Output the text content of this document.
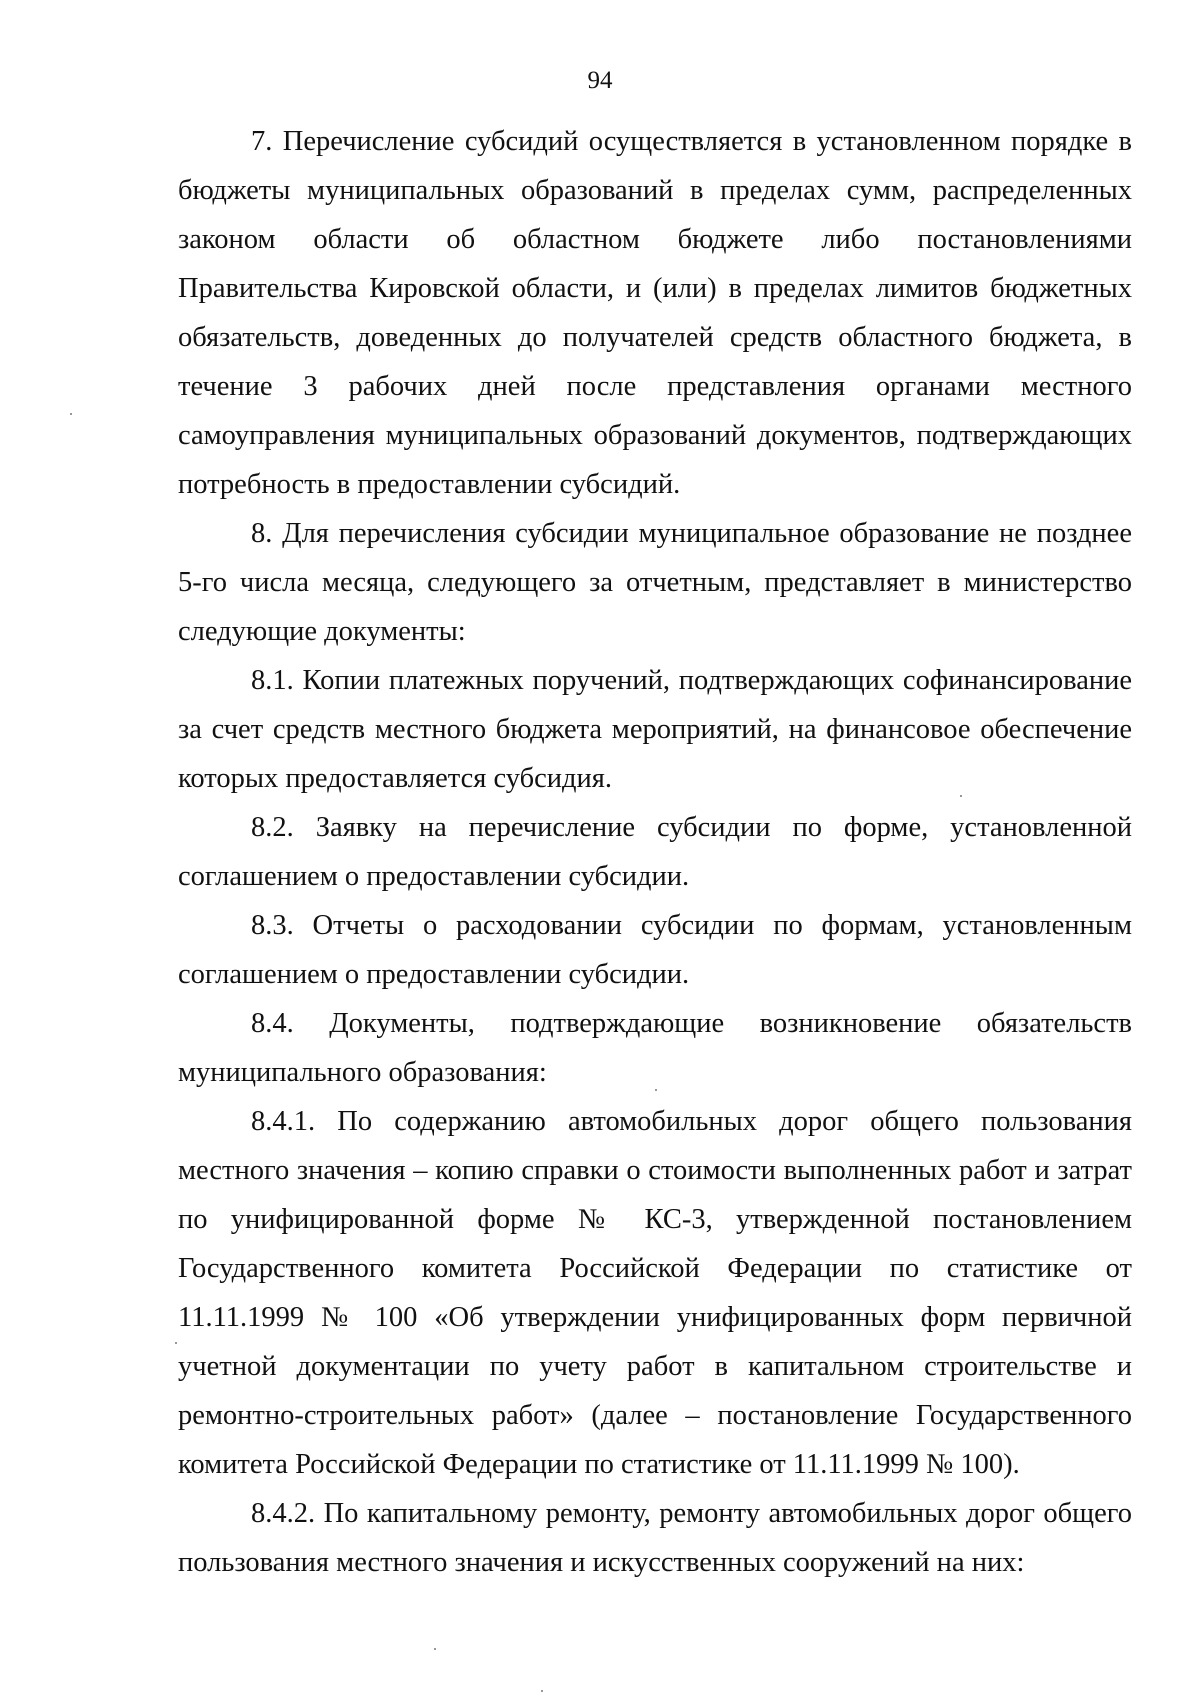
94

7. Перечисление субсидий осуществляется в установленном порядке в бюджеты муниципальных образований в пределах сумм, распределенных законом области об областном бюджете либо постановлениями Правительства Кировской области, и (или) в пределах лимитов бюджетных обязательств, доведенных до получателей средств областного бюджета, в течение 3 рабочих дней после представления органами местного самоуправления муниципальных образований документов, подтверждающих потребность в предоставлении субсидий.

8. Для перечисления субсидии муниципальное образование не позднее 5-го числа месяца, следующего за отчетным, представляет в министерство следующие документы:

8.1. Копии платежных поручений, подтверждающих софинансирование за счет средств местного бюджета мероприятий, на финансовое обеспечение которых предоставляется субсидия.

8.2. Заявку на перечисление субсидии по форме, установленной соглашением о предоставлении субсидии.

8.3. Отчеты о расходовании субсидии по формам, установленным соглашением о предоставлении субсидии.

8.4. Документы, подтверждающие возникновение обязательств муниципального образования:

8.4.1. По содержанию автомобильных дорог общего пользования местного значения – копию справки о стоимости выполненных работ и затрат по унифицированной форме № КС-3, утвержденной постановлением Государственного комитета Российской Федерации по статистике от 11.11.1999 № 100 «Об утверждении унифицированных форм первичной учетной документации по учету работ в капитальном строительстве и ремонтно-строительных работ» (далее – постановление Государственного комитета Российской Федерации по статистике от 11.11.1999 № 100).

8.4.2. По капитальному ремонту, ремонту автомобильных дорог общего пользования местного значения и искусственных сооружений на них:
